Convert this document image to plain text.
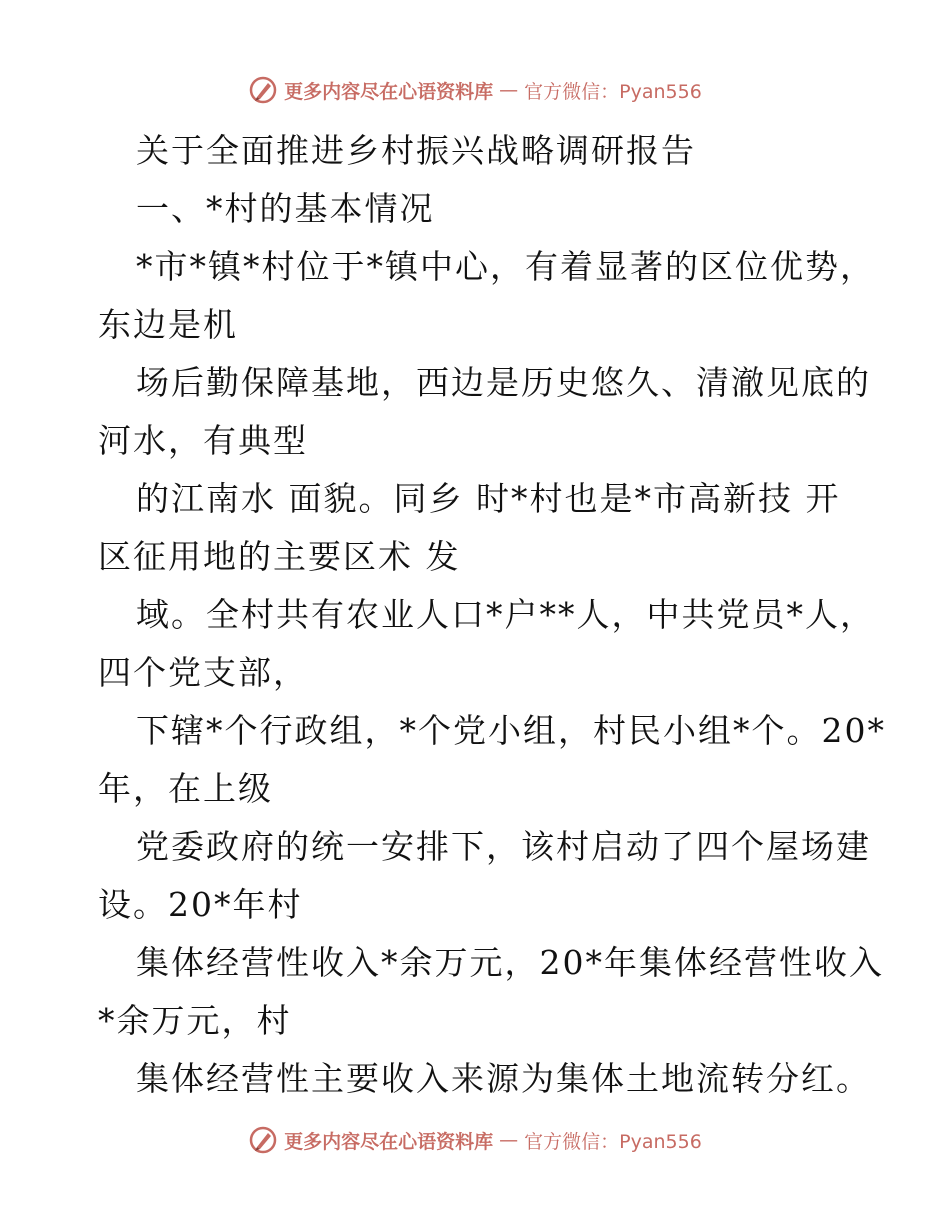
更多内容尽在心语资料库 — 官方微信：Pyan556
关于全面推进乡村振兴战略调研报告
一、*村的基本情况
*市*镇*村位于*镇中心，有着显著的区位优势，
东边是机
场后勤保障基地，西边是历史悠久、清澈见底的
河水，有典型
的江南水 面貌。同乡 时*村也是*市高新技 开
区征用地的主要区术 发
域。全村共有农业人口*户**人，中共党员*人，
四个党支部，
下辖*个行政组，*个党小组，村民小组*个。20*
年，在上级
党委政府的统一安排下，该村启动了四个屋场建
设。20*年村
集体经营性收入*余万元，20*年集体经营性收入
*余万元，村
集体经营性主要收入来源为集体土地流转分红。
更多内容尽在心语资料库 — 官方微信：Pyan556
